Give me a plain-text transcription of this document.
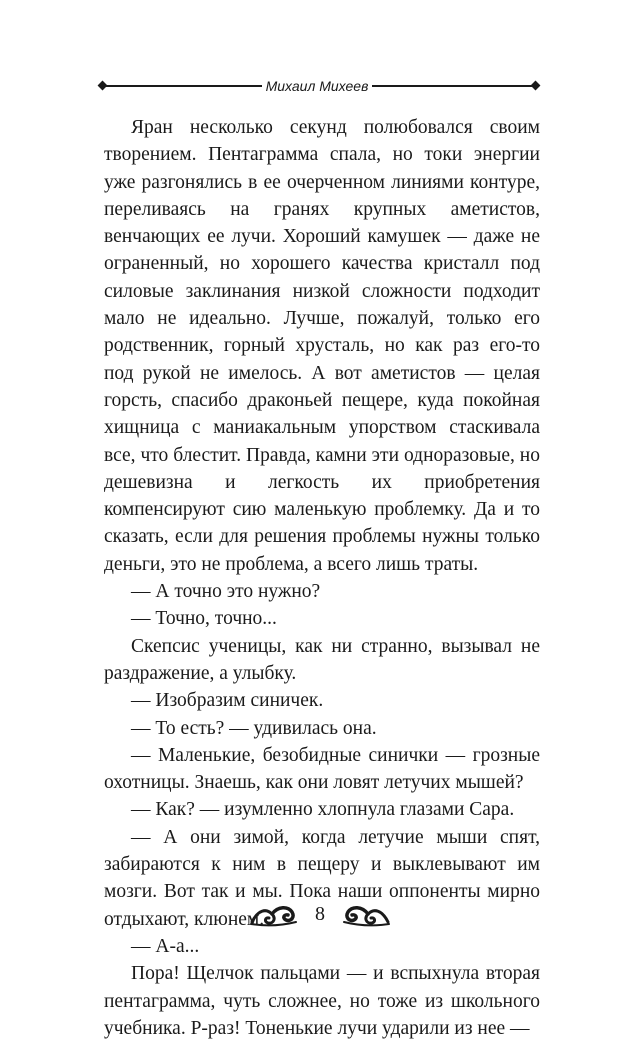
Михаил Михеев

Яран несколько секунд полюбовался своим творением. Пентаграмма спала, но токи энергии уже разгонялись в ее очерченном линиями контуре, переливаясь на гранях крупных аметистов, венчающих ее лучи. Хороший камушек — даже не ограненный, но хорошего качества кристалл под силовые заклинания низкой сложности подходит мало не идеально. Лучше, пожалуй, только его родственник, горный хрусталь, но как раз его-то под рукой не имелось. А вот аметистов — целая горсть, спасибо драконьей пещере, куда покойная хищница с маниакальным упорством стаскивала все, что блестит. Правда, камни эти одноразовые, но дешевизна и легкость их приобретения компенсируют сию маленькую проблемку. Да и то сказать, если для решения проблемы нужны только деньги, это не проблема, а всего лишь траты.

— А точно это нужно?

— Точно, точно...

Скепсис ученицы, как ни странно, вызывал не раздражение, а улыбку.

— Изобразим синичек.

— То есть? — удивилась она.

— Маленькие, безобидные синички — грозные охотницы. Знаешь, как они ловят летучих мышей?

— Как? — изумленно хлопнула глазами Сара.

— А они зимой, когда летучие мыши спят, забираются к ним в пещеру и выклевывают им мозги. Вот так и мы. Пока наши оппоненты мирно отдыхают, клюнем.

— А-а...

Пора! Щелчок пальцами — и вспыхнула вторая пентаграмма, чуть сложнее, но тоже из школьного учебника. Р-раз! Тоненькие лучи ударили из нее —

8
